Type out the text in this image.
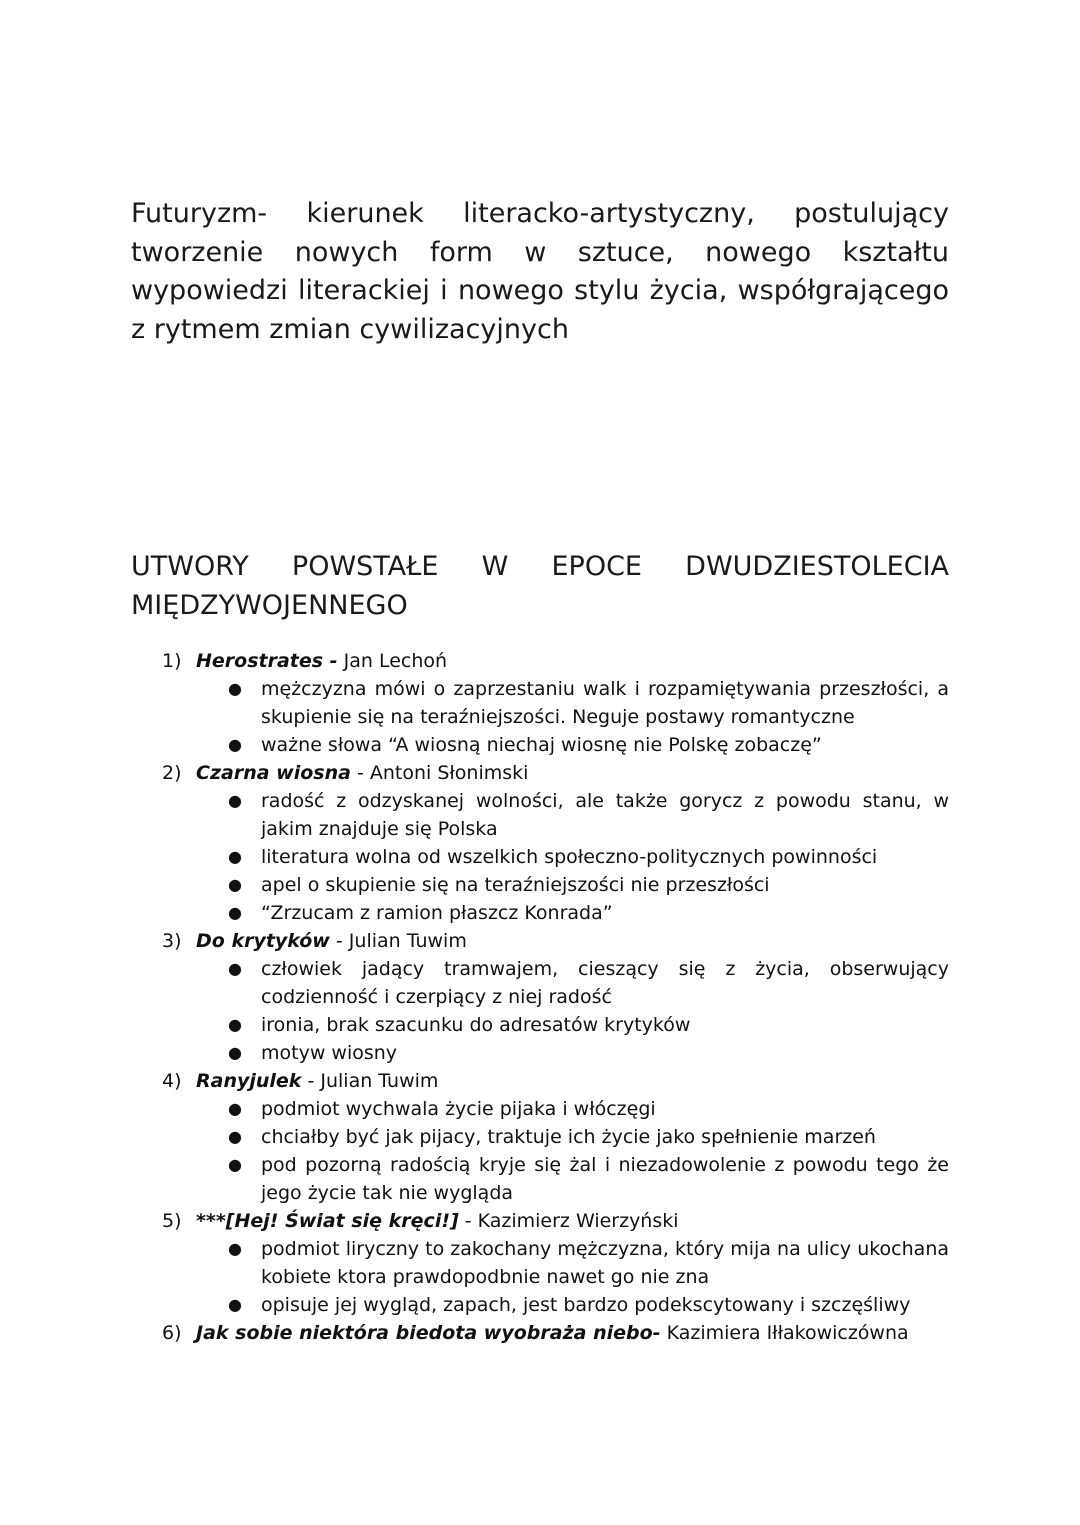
Futuryzm- kierunek literacko-artystyczny, postulujący tworzenie nowych form w sztuce, nowego kształtu wypowiedzi literackiej i nowego stylu życia, współgrającego z rytmem zmian cywilizacyjnych

UTWORY POWSTAŁE W EPOCE DWUDZIESTOLECIA MIĘDZYWOJENNEGO

1) Herostrates - Jan Lechoń
●	mężczyzna mówi o zaprzestaniu walk i rozpamiętywania przeszłości, a skupienie się na teraźniejszości. Neguje postawy romantyczne
●	ważne słowa “A wiosną niechaj wiosnę nie Polskę zobaczę”
2) Czarna wiosna - Antoni Słonimski
●	radość z odzyskanej wolności, ale także gorycz z powodu stanu, w jakim znajduje się Polska
●	literatura wolna od wszelkich społeczno-politycznych powinności
●	apel o skupienie się na teraźniejszości nie przeszłości
●	“Zrzucam z ramion płaszcz Konrada”
3) Do krytyków - Julian Tuwim
●	człowiek jadący tramwajem, cieszący się z życia, obserwujący codzienność i czerpiący z niej radość
●	ironia, brak szacunku do adresatów krytyków
●	motyw wiosny
4) Ranyjulek - Julian Tuwim
●	podmiot wychwala życie pijaka i włóczęgi
●	chciałby być jak pijacy, traktuje ich życie jako spełnienie marzeń
●	pod pozorną radością kryje się żal i niezadowolenie z powodu tego że jego życie tak nie wygląda
5) ***[Hej! Świat się kręci!] - Kazimierz Wierzyński
●	podmiot liryczny to zakochany mężczyzna, który mija na ulicy ukochana kobiete ktora prawdopodbnie nawet go nie zna
●	opisuje jej wygląd, zapach, jest bardzo podekscytowany i szczęśliwy
6) Jak sobie niektóra biedota wyobraża niebo- Kazimiera Iłłakowiczówna
